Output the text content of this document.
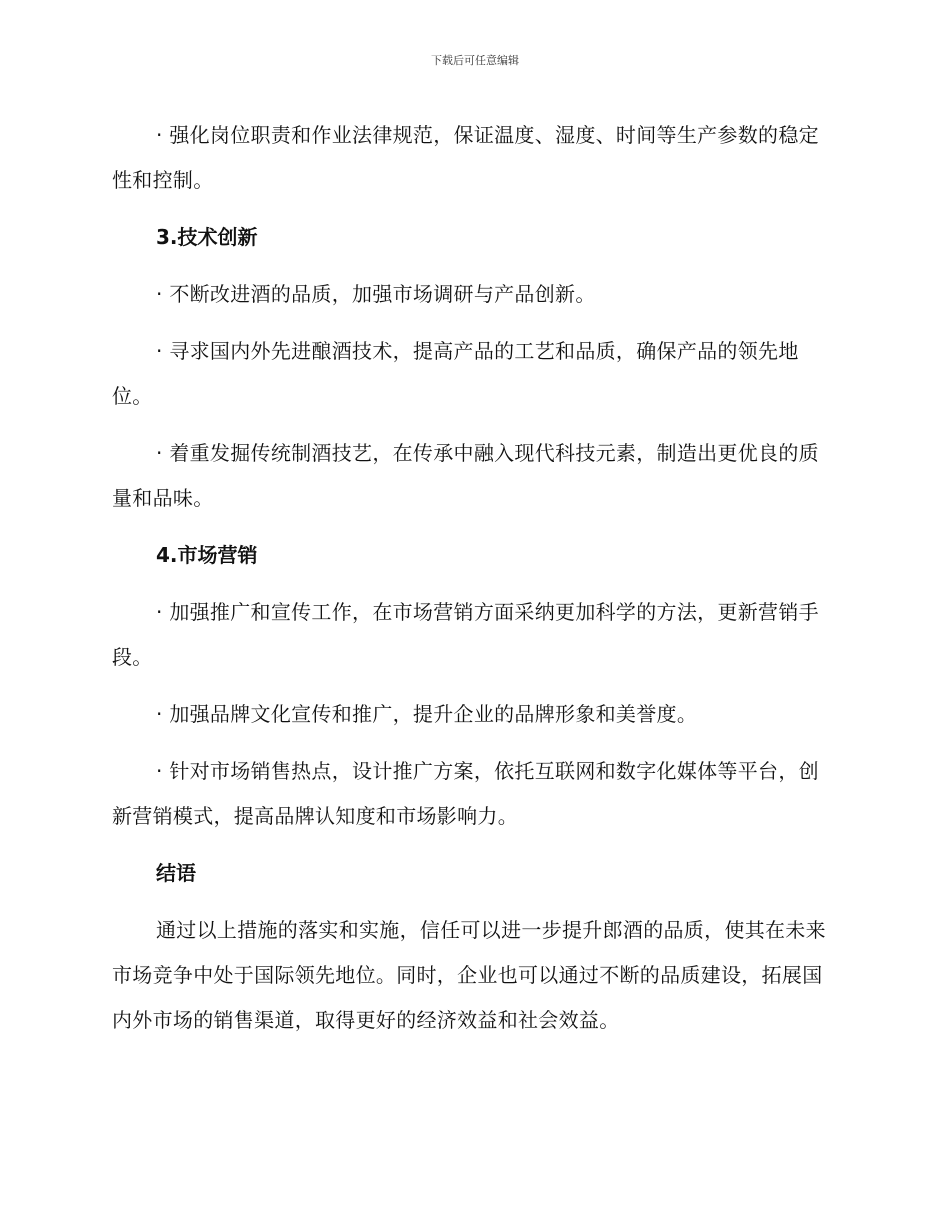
下载后可任意编辑

· 强化岗位职责和作业法律规范，保证温度、湿度、时间等生产参数的稳定性和控制。

3.技术创新

· 不断改进酒的品质，加强市场调研与产品创新。

· 寻求国内外先进酿酒技术，提高产品的工艺和品质，确保产品的领先地位。

· 着重发掘传统制酒技艺，在传承中融入现代科技元素，制造出更优良的质量和品味。

4.市场营销

· 加强推广和宣传工作，在市场营销方面采纳更加科学的方法，更新营销手段。

· 加强品牌文化宣传和推广，提升企业的品牌形象和美誉度。

· 针对市场销售热点，设计推广方案，依托互联网和数字化媒体等平台，创新营销模式，提高品牌认知度和市场影响力。

结语

通过以上措施的落实和实施，信任可以进一步提升郎酒的品质，使其在未来市场竞争中处于国际领先地位。同时，企业也可以通过不断的品质建设，拓展国内外市场的销售渠道，取得更好的经济效益和社会效益。
